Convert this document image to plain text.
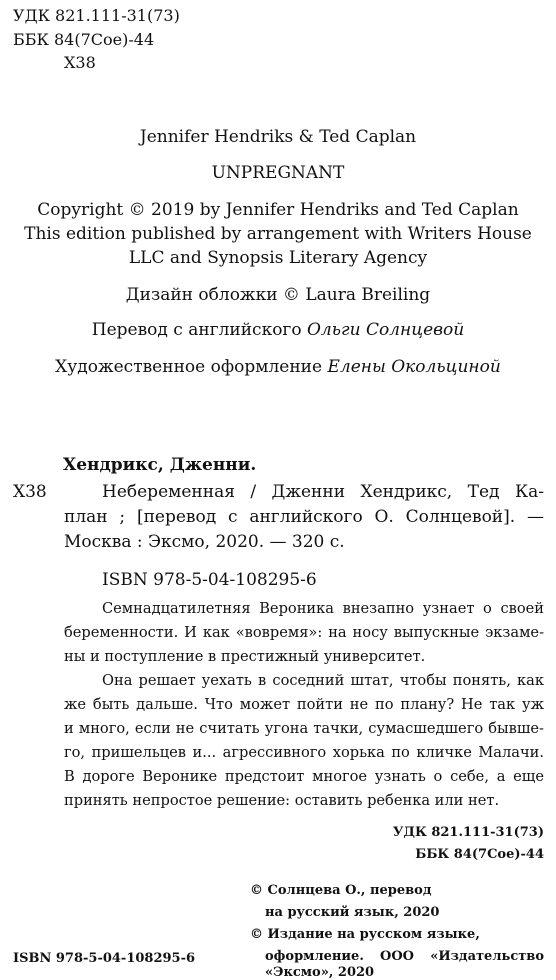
УДК 821.111-31(73)
ББК 84(7Сое)-44
Х38
Jennifer Hendriks & Ted Caplan
UNPREGNANT
Copyright © 2019 by Jennifer Hendriks and Ted Caplan
This edition published by arrangement with Writers House
LLC and Synopsis Literary Agency
Дизайн обложки © Laura Breiling
Перевод с английского Ольги Солнцевой
Художественное оформление Елены Окольциной
Хендрикс, Дженни.
Х38	Небеременная / Дженни Хендрикс, Тед Ка-
план ; [перевод с английского О. Солнцевой]. —
Москва : Эксмо, 2020. — 320 с.
ISBN 978-5-04-108295-6
Семнадцатилетняя Вероника внезапно узнает о своей
беременности. И как «вовремя»: на носу выпускные экзаме-
ны и поступление в престижный университет.
Она решает уехать в соседний штат, чтобы понять, как
же быть дальше. Что может пойти не по плану? Не так уж
и много, если не считать угона тачки, сумасшедшего бывше-
го, пришельцев и... агрессивного хорька по кличке Малачи.
В дороге Веронике предстоит многое узнать о себе, а еще
принять непростое решение: оставить ребенка или нет.
УДК 821.111-31(73)
ББК 84(7Сое)-44
© Солнцева О., перевод
на русский язык, 2020
© Издание на русском языке,
оформление. ООО «Издательство
ISBN 978-5-04-108295-6
«Эксмо», 2020
